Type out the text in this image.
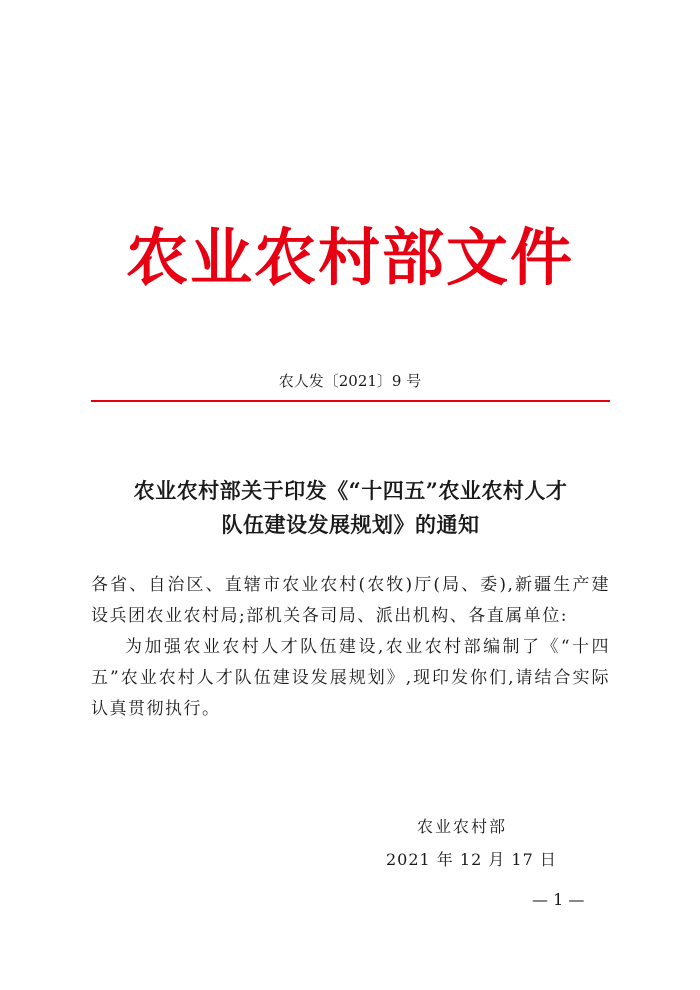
农业农村部文件
农人发〔2021〕9 号
农业农村部关于印发《“十四五”农业农村人才
队伍建设发展规划》的通知

各省、自治区、直辖市农业农村(农牧)厅(局、委),新疆生产建设兵团农业农村局;部机关各司局、派出机构、各直属单位:

为加强农业农村人才队伍建设,农业农村部编制了《“十四五”农业农村人才队伍建设发展规划》,现印发你们,请结合实际认真贯彻执行。

农业农村部
2021 年 12 月 17 日
— 1 —
